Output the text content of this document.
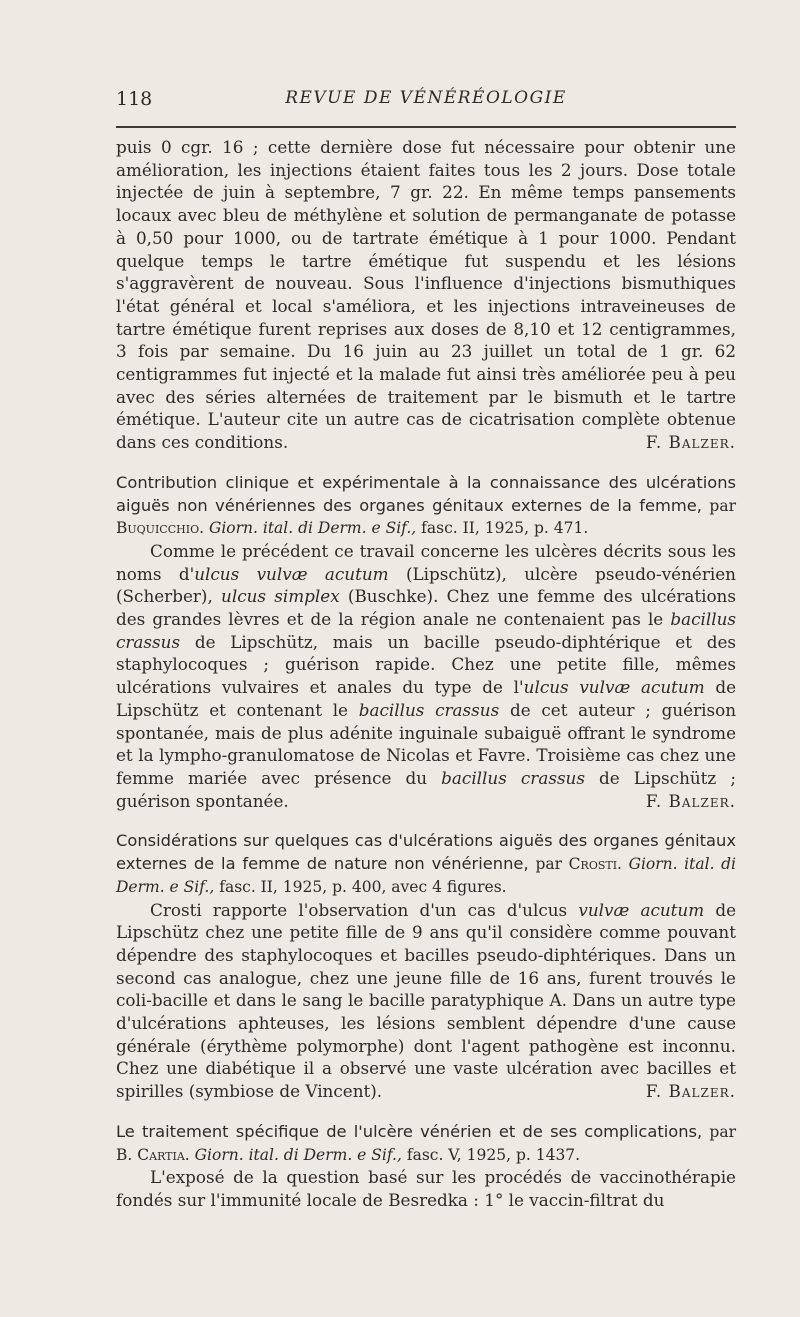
118	REVUE DE VÉNÉRÉOLOGIE

puis 0 cgr. 16 ; cette dernière dose fut nécessaire pour obtenir une amélioration, les injections étaient faites tous les 2 jours. Dose totale injectée de juin à septembre, 7 gr. 22. En même temps pansements locaux avec bleu de méthylène et solution de permanganate de potasse à 0,50 pour 1000, ou de tartrate émétique à 1 pour 1000. Pendant quelque temps le tartre émétique fut suspendu et les lésions s'aggravèrent de nouveau. Sous l'influence d'injections bismuthiques l'état général et local s'améliora, et les injections intraveineuses de tartre émétique furent reprises aux doses de 8,10 et 12 centigrammes, 3 fois par semaine. Du 16 juin au 23 juillet un total de 1 gr. 62 centigrammes fut injecté et la malade fut ainsi très améliorée peu à peu avec des séries alternées de traitement par le bismuth et le tartre émétique. L'auteur cite un autre cas de cicatrisation complète obtenue dans ces conditions.	F. Balzer.

Contribution clinique et expérimentale à la connaissance des ulcérations aiguës non vénériennes des organes génitaux externes de la femme, par Buquicchio. Giorn. ital. di Derm. e Sif., fasc. II, 1925, p. 471.

Comme le précédent ce travail concerne les ulcères décrits sous les noms d'ulcus vulvæ acutum (Lipschütz), ulcère pseudo-vénérien (Scherber), ulcus simplex (Buschke). Chez une femme des ulcérations des grandes lèvres et de la région anale ne contenaient pas le bacillus crassus de Lipschütz, mais un bacille pseudo-diphtérique et des staphylocoques ; guérison rapide. Chez une petite fille, mêmes ulcérations vulvaires et anales du type de l'ulcus vulvæ acutum de Lipschütz et contenant le bacillus crassus de cet auteur ; guérison spontanée, mais de plus adénite inguinale subaiguë offrant le syndrome et la lympho-granulomatose de Nicolas et Favre. Troisième cas chez une femme mariée avec présence du bacillus crassus de Lipschütz ; guérison spontanée.	F. Balzer.

Considérations sur quelques cas d'ulcérations aiguës des organes génitaux externes de la femme de nature non vénérienne, par Crosti. Giorn. ital. di Derm. e Sif., fasc. II, 1925, p. 400, avec 4 figures.

Crosti rapporte l'observation d'un cas d'ulcus vulvæ acutum de Lipschütz chez une petite fille de 9 ans qu'il considère comme pouvant dépendre des staphylocoques et bacilles pseudo-diphtériques. Dans un second cas analogue, chez une jeune fille de 16 ans, furent trouvés le coli-bacille et dans le sang le bacille paratyphique A. Dans un autre type d'ulcérations aphteuses, les lésions semblent dépendre d'une cause générale (érythème polymorphe) dont l'agent pathogène est inconnu. Chez une diabétique il a observé une vaste ulcération avec bacilles et spirilles (symbiose de Vincent).	F. Balzer.

Le traitement spécifique de l'ulcère vénérien et de ses complications, par B. Cartia. Giorn. ital. di Derm. e Sif., fasc. V, 1925, p. 1437.

L'exposé de la question basé sur les procédés de vaccinothérapie fondés sur l'immunité locale de Besredka : 1° le vaccin-filtrat du
